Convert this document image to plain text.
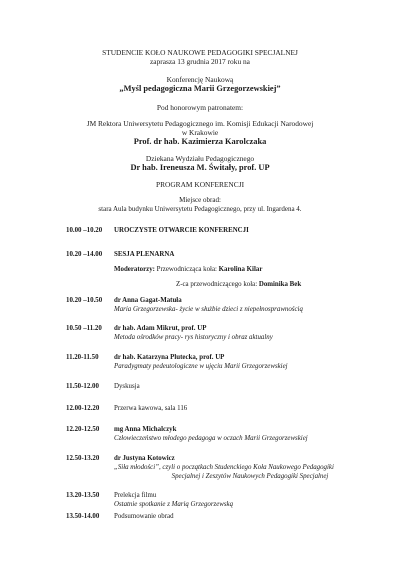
STUDENCIE KOŁO NAUKOWE PEDAGOGIKI SPECJALNEJ
zaprasza 13 grudnia 2017 roku na
Konferencję Naukową
„Myśl pedagogiczna Marii Grzegorzewskiej”
Pod honorowym patronatem:
JM Rektora Uniwersytetu Pedagogicznego im. Komisji Edukacji Narodowej
w Krakowie
Prof. dr hab. Kazimierza Karolczaka
Dziekana Wydziału Pedagogicznego
Dr hab. Ireneusza M. Świtały, prof. UP
PROGRAM KONFERENCJI
Miejsce obrad:
stara Aula budynku Uniwersytetu Pedagogicznego, przy ul. Ingardena 4.
10.00 –10.20	UROCZYSTE OTWARCIE KONFERENCJI
10.20 –14.00	SESJA PLENARNA
Moderatorzy: Przewodnicząca koła: Karolina Kilar
Z-ca przewodniczącego koła: Dominika Bek
10.20 –10.50	dr Anna Gagat-Matuła
Maria Grzegorzewska- życie w służbie dzieci z niepełnosprawnością
10.50 –11.20	dr hab. Adam Mikrut, prof. UP
Metoda ośrodków pracy- rys historyczny i obraz aktualny
11.20-11.50	dr hab. Katarzyna Plutecka, prof. UP
Paradygmaty pedeutologiczne w ujęciu Marii Grzegorzewskiej
11.50-12.00	Dyskusja
12.00-12.20	Przerwa kawowa, sala 116
12.20-12.50	mg Anna Michalczyk
Człowieczeństwo młodego pedagoga w oczach Marii Grzegorzewskiej
12.50-13.20	dr Justyna Kotowicz
„Siła młodości”, czyli o początkach Studenckiego Koła Naukowego Pedagogiki
Specjalnej i Zeszytów Naukowych Pedagogiki Specjalnej
13.20-13.50	Prelekcja filmu
Ostatnie spotkanie z Marią Grzegorzewską
13.50-14.00	Podsumowanie obrad
